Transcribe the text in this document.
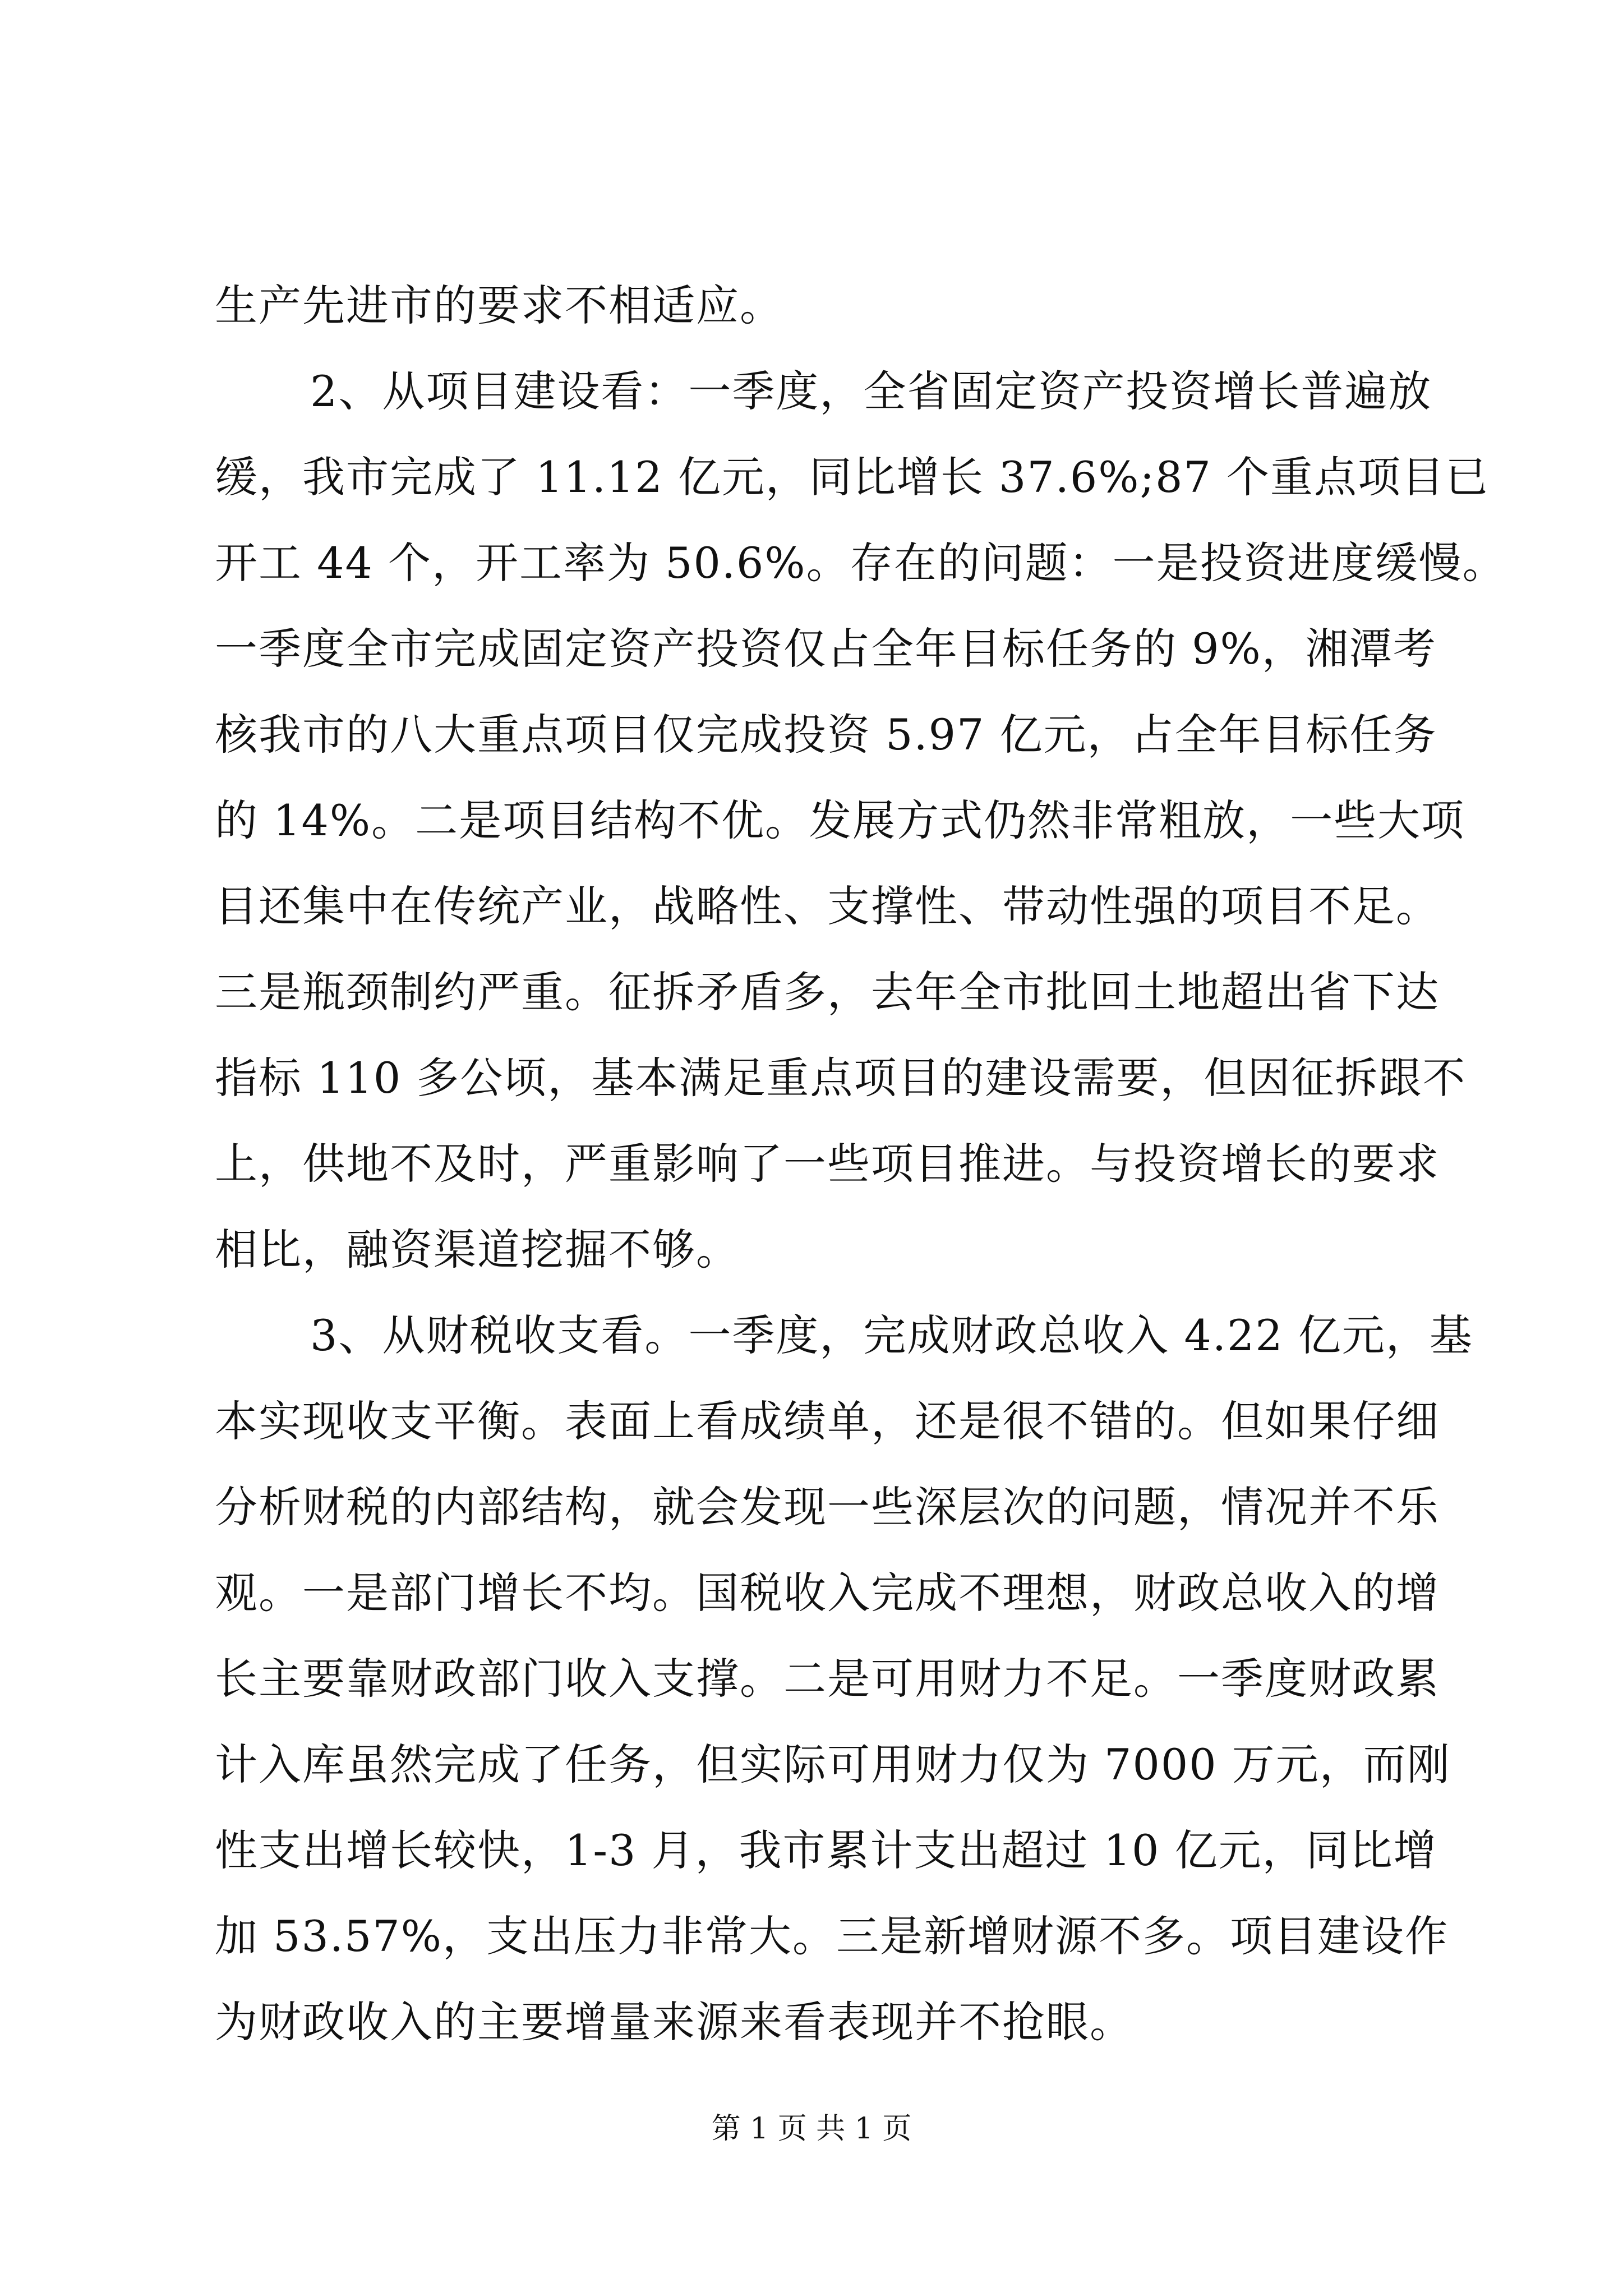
生产先进市的要求不相适应。
2、从项目建设看：一季度，全省固定资产投资增长普遍放
缓，我市完成了 11.12 亿元，同比增长 37.6%;87 个重点项目已
开工 44 个，开工率为 50.6%。存在的问题：一是投资进度缓慢。
一季度全市完成固定资产投资仅占全年目标任务的 9%，湘潭考
核我市的八大重点项目仅完成投资 5.97 亿元，占全年目标任务
的 14%。二是项目结构不优。发展方式仍然非常粗放，一些大项
目还集中在传统产业，战略性、支撑性、带动性强的项目不足。
三是瓶颈制约严重。征拆矛盾多，去年全市批回土地超出省下达
指标 110 多公顷，基本满足重点项目的建设需要，但因征拆跟不
上，供地不及时，严重影响了一些项目推进。与投资增长的要求
相比，融资渠道挖掘不够。
3、从财税收支看。一季度，完成财政总收入 4.22 亿元，基
本实现收支平衡。表面上看成绩单，还是很不错的。但如果仔细
分析财税的内部结构，就会发现一些深层次的问题，情况并不乐
观。一是部门增长不均。国税收入完成不理想，财政总收入的增
长主要靠财政部门收入支撑。二是可用财力不足。一季度财政累
计入库虽然完成了任务，但实际可用财力仅为 7000 万元，而刚
性支出增长较快，1-3 月，我市累计支出超过 10 亿元，同比增
加 53.57%，支出压力非常大。三是新增财源不多。项目建设作
为财政收入的主要增量来源来看表现并不抢眼。
第 1 页 共 1 页
